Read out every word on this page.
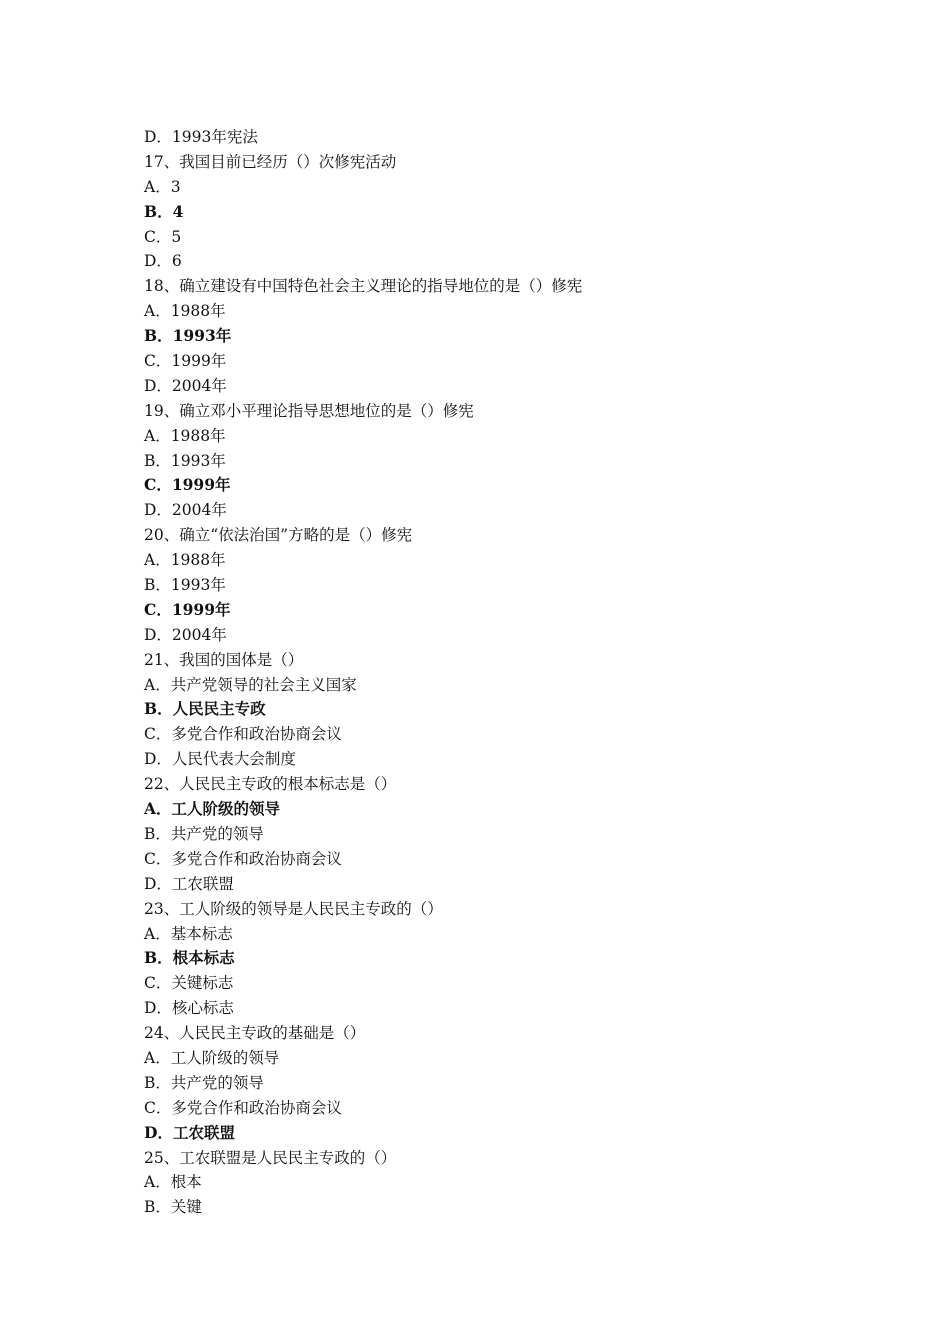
D．1993年宪法
17、我国目前已经历（）次修宪活动
A．3
B．4
C．5
D．6
18、确立建设有中国特色社会主义理论的指导地位的是（）修宪
A．1988年
B．1993年
C．1999年
D．2004年
19、确立邓小平理论指导思想地位的是（）修宪
A．1988年
B．1993年
C．1999年
D．2004年
20、确立“依法治国”方略的是（）修宪
A．1988年
B．1993年
C．1999年
D．2004年
21、我国的国体是（）
A．共产党领导的社会主义国家
B．人民民主专政
C．多党合作和政治协商会议
D．人民代表大会制度
22、人民民主专政的根本标志是（）
A．工人阶级的领导
B．共产党的领导
C．多党合作和政治协商会议
D．工农联盟
23、工人阶级的领导是人民民主专政的（）
A．基本标志
B．根本标志
C．关键标志
D．核心标志
24、人民民主专政的基础是（）
A．工人阶级的领导
B．共产党的领导
C．多党合作和政治协商会议
D．工农联盟
25、工农联盟是人民民主专政的（）
A．根本
B．关键
